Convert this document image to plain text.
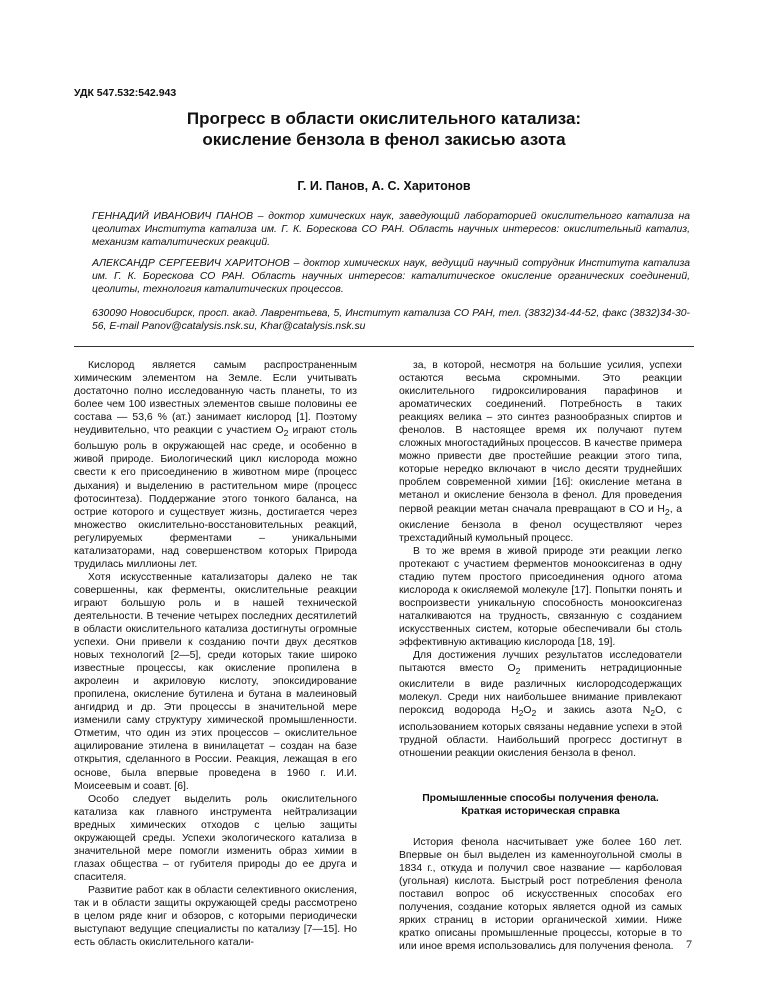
УДК 547.532:542.943
Прогресс в области окислительного катализа:
окисление бензола в фенол закисью азота
Г. И. Панов, А. С. Харитонов
ГЕННАДИЙ ИВАНОВИЧ ПАНОВ – доктор химических наук, заведующий лабораторией окислительного катализа на цеолитах Института катализа им. Г. К. Борескова СО РАН. Область научных интересов: окислительный катализ, механизм каталитических реакций.
АЛЕКСАНДР СЕРГЕЕВИЧ ХАРИТОНОВ – доктор химических наук, ведущий научный сотрудник Института катализа им. Г. К. Борескова СО РАН. Область научных интересов: каталитическое окисление органических соединений, цеолиты, технология каталитических процессов.
630090 Новосибирск, просп. акад. Лаврентьева, 5, Институт катализа СО РАН, тел. (3832)34-44-52, факс (3832)34-30-56, E-mail Panov@catalysis.nsk.su, Khar@catalysis.nsk.su

Кислород является самым распространенным химическим элементом на Земле. Если учитывать достаточно полно исследованную часть планеты, то из более чем 100 известных элементов свыше половины ее состава — 53,6 % (ат.) занимает кислород [1]. Поэтому неудивительно, что реакции с участием $O_2$ играют столь большую роль в окружающей нас среде, и особенно в живой природе. Биологический цикл кислорода можно свести к его присоединению в животном мире (процесс дыхания) и выделению в растительном мире (процесс фотосинтеза). Поддержание этого тонкого баланса, на острие которого и существует жизнь, достигается через множество окислительно-восстановительных реакций, регулируемых ферментами – уникальными катализаторами, над совершенством которых Природа трудилась миллионы лет.

Хотя искусственные катализаторы далеко не так совершенны, как ферменты, окислительные реакции играют большую роль и в нашей технической деятельности. В течение четырех последних десятилетий в области окислительного катализа достигнуты огромные успехи. Они привели к созданию почти двух десятков новых технологий [2—5], среди которых такие широко известные процессы, как окисление пропилена в акролеин и акриловую кислоту, эпоксидирование пропилена, окисление бутилена и бутана в малеиновый ангидрид и др. Эти процессы в значительной мере изменили саму структуру химической промышленности. Отметим, что один из этих процессов – окислительное ацилирование этилена в винилацетат – создан на базе открытия, сделанного в России. Реакция, лежащая в его основе, была впервые проведена в 1960 г. И.И. Моисеевым и соавт. [6].

Особо следует выделить роль окислительного катализа как главного инструмента нейтрализации вредных химических отходов с целью защиты окружающей среды. Успехи экологического катализа в значительной мере помогли изменить образ химии в глазах общества – от губителя природы до ее друга и спасителя.

Развитие работ как в области селективного окисления, так и в области защиты окружающей среды рассмотрено в целом ряде книг и обзоров, с которыми периодически выступают ведущие специалисты по катализу [7—15]. Но есть область окислительного катали-

за, в которой, несмотря на большие усилия, успехи остаются весьма скромными. Это реакции окислительного гидроксилирования парафинов и ароматических соединений. Потребность в таких реакциях велика – это синтез разнообразных спиртов и фенолов. В настоящее время их получают путем сложных многостадийных процессов. В качестве примера можно привести две простейшие реакции этого типа, которые нередко включают в число десяти труднейших проблем современной химии [16]: окисление метана в метанол и окисление бензола в фенол. Для проведения первой реакции метан сначала превращают в CO и $H_2$, а окисление бензола в фенол осуществляют через трехстадийный кумольный процесс.

В то же время в живой природе эти реакции легко протекают с участием ферментов монооксигеназ в одну стадию путем простого присоединения одного атома кислорода к окисляемой молекуле [17]. Попытки понять и воспроизвести уникальную способность монооксигеназ наталкиваются на трудность, связанную с созданием искусственных систем, которые обеспечивали бы столь эффективную активацию кислорода [18, 19].

Для достижения лучших результатов исследователи пытаются вместо $O_2$ применить нетрадиционные окислители в виде различных кислородсодержащих молекул. Среди них наибольшее внимание привлекают пероксид водорода $H_2O_2$ и закись азота $N_2O$, с использованием которых связаны недавние успехи в этой трудной области. Наибольший прогресс достигнут в отношении реакции окисления бензола в фенол.

Промышленные способы получения фенола.
Краткая историческая справка

История фенола насчитывает уже более 160 лет. Впервые он был выделен из каменноугольной смолы в 1834 г., откуда и получил свое название — карболовая (угольная) кислота. Быстрый рост потребления фенола поставил вопрос об искусственных способах его получения, создание которых является одной из самых ярких страниц в истории органической химии. Ниже кратко описаны промышленные процессы, которые в то или иное время использовались для получения фенола.	7
